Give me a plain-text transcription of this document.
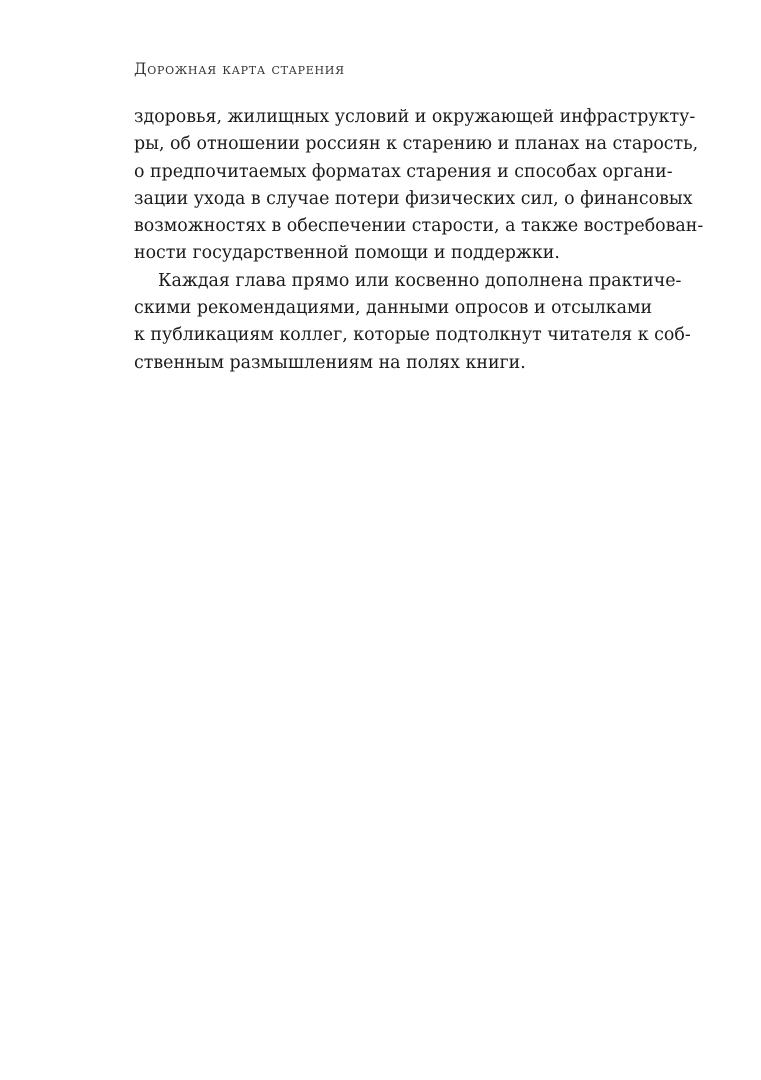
Дорожная карта старения
здоровья, жилищных условий и окружающей инфраструкту-
ры, об отношении россиян к старению и планах на старость,
о предпочитаемых форматах старения и способах органи-
зации ухода в случае потери физических сил, о финансовых
возможностях в обеспечении старости, а также востребован-
ности государственной помощи и поддержки.
Каждая глава прямо или косвенно дополнена практиче-
скими рекомендациями, данными опросов и отсылками
к публикациям коллег, которые подтолкнут читателя к соб-
ственным размышлениям на полях книги.
